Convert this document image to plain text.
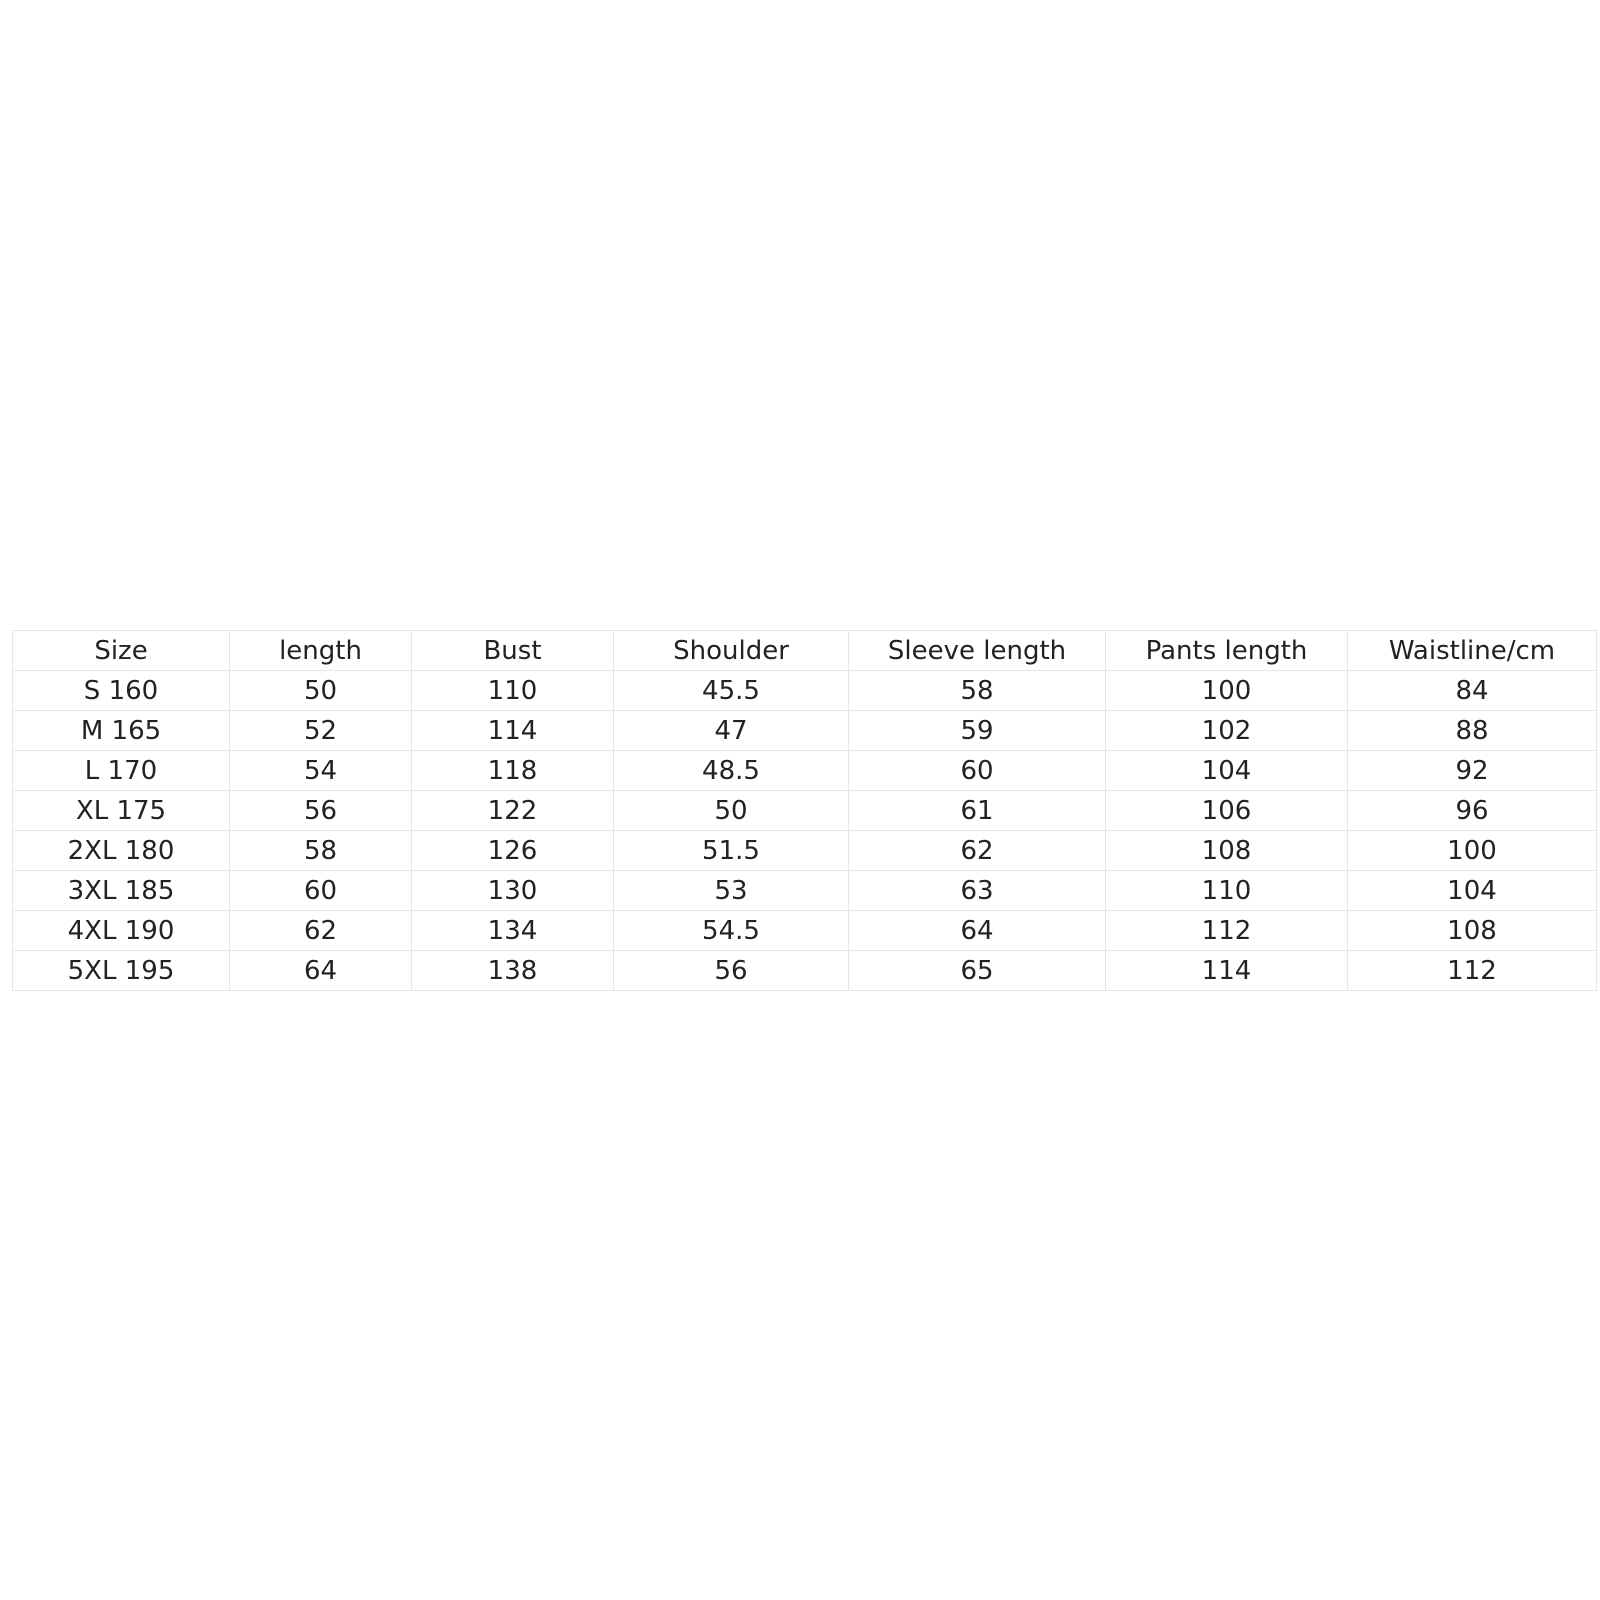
Size	length	Bust	Shoulder	Sleeve length	Pants length	Waistline/cm
S 160	50	110	45.5	58	100	84
M 165	52	114	47	59	102	88
L 170	54	118	48.5	60	104	92
XL 175	56	122	50	61	106	96
2XL 180	58	126	51.5	62	108	100
3XL 185	60	130	53	63	110	104
4XL 190	62	134	54.5	64	112	108
5XL 195	64	138	56	65	114	112
